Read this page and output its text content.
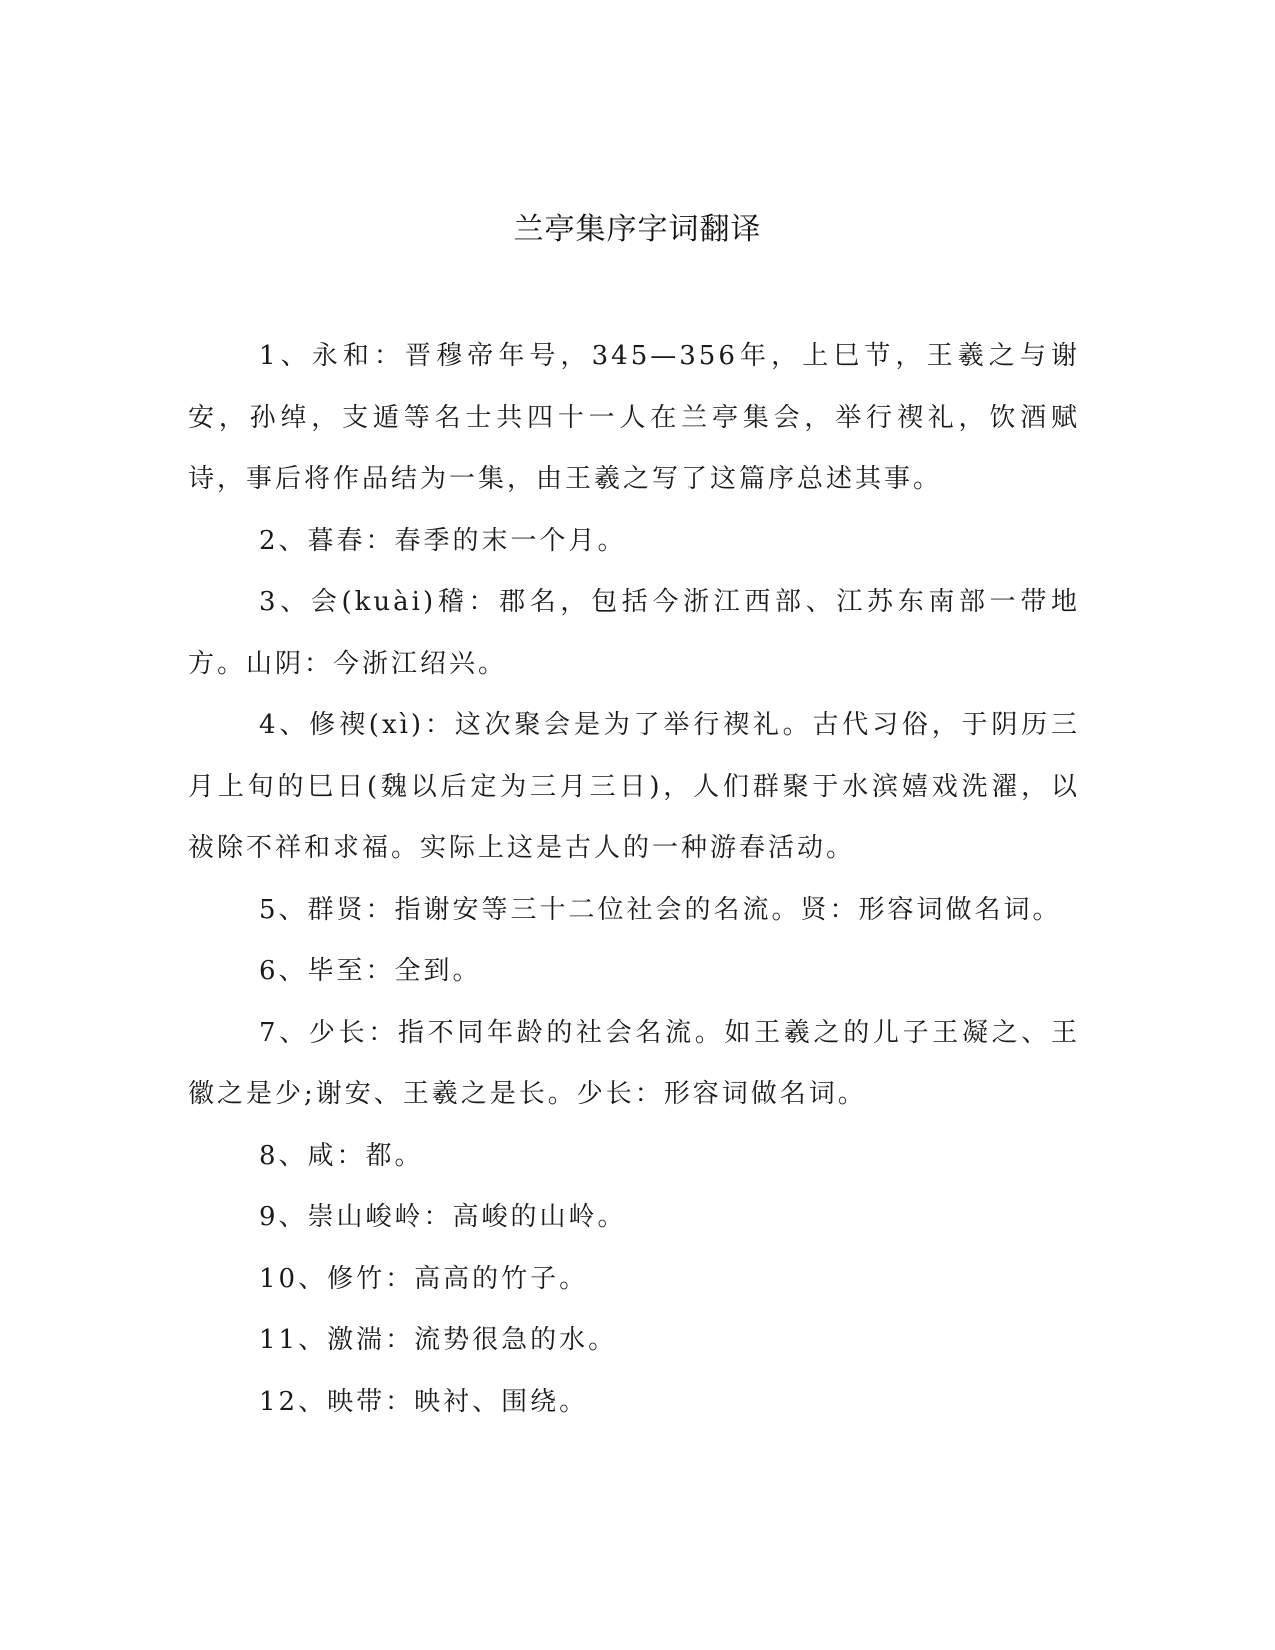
兰亭集序字词翻译

1、永和：晋穆帝年号，345—356年，上巳节，王羲之与谢安，孙绰，支遁等名士共四十一人在兰亭集会，举行禊礼，饮酒赋诗，事后将作品结为一集，由王羲之写了这篇序总述其事。

2、暮春：春季的末一个月。

3、会(kuài)稽：郡名，包括今浙江西部、江苏东南部一带地方。山阴：今浙江绍兴。

4、修禊(xì)：这次聚会是为了举行禊礼。古代习俗，于阴历三月上旬的巳日(魏以后定为三月三日)，人们群聚于水滨嬉戏洗濯，以祓除不祥和求福。实际上这是古人的一种游春活动。

5、群贤：指谢安等三十二位社会的名流。贤：形容词做名词。

6、毕至：全到。

7、少长：指不同年龄的社会名流。如王羲之的儿子王凝之、王徽之是少;谢安、王羲之是长。少长：形容词做名词。

8、咸：都。

9、崇山峻岭：高峻的山岭。

10、修竹：高高的竹子。

11、激湍：流势很急的水。

12、映带：映衬、围绕。
